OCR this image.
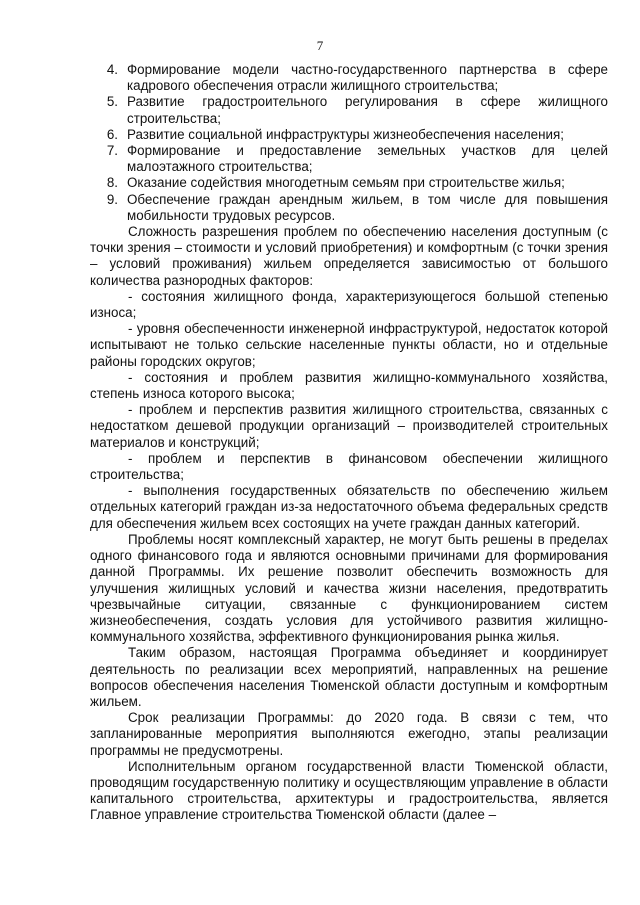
7
4. Формирование модели частно-государственного партнерства в сфере кадрового обеспечения отрасли жилищного строительства;
5. Развитие градостроительного регулирования в сфере жилищного строительства;
6. Развитие социальной инфраструктуры жизнеобеспечения населения;
7. Формирование и предоставление земельных участков для целей малоэтажного строительства;
8. Оказание содействия многодетным семьям при строительстве жилья;
9. Обеспечение граждан арендным жильем, в том числе для повышения мобильности трудовых ресурсов.

Сложность разрешения проблем по обеспечению населения доступным (с точки зрения – стоимости и условий приобретения) и комфортным (с точки зрения – условий проживания) жильем определяется зависимостью от большого количества разнородных факторов:

- состояния жилищного фонда, характеризующегося большой степенью износа;

- уровня обеспеченности инженерной инфраструктурой, недостаток которой испытывают не только сельские населенные пункты области, но и отдельные районы городских округов;

- состояния и проблем развития жилищно-коммунального хозяйства, степень износа которого высока;

- проблем и перспектив развития жилищного строительства, связанных с недостатком дешевой продукции организаций – производителей строительных материалов и конструкций;

- проблем и перспектив в финансовом обеспечении жилищного строительства;

- выполнения государственных обязательств по обеспечению жильем отдельных категорий граждан из-за недостаточного объема федеральных средств для обеспечения жильем всех состоящих на учете граждан данных категорий.

Проблемы носят комплексный характер, не могут быть решены в пределах одного финансового года и являются основными причинами для формирования данной Программы. Их решение позволит обеспечить возможность для улучшения жилищных условий и качества жизни населения, предотвратить чрезвычайные ситуации, связанные с функционированием систем жизнеобеспечения, создать условия для устойчивого развития жилищно-коммунального хозяйства, эффективного функционирования рынка жилья.

Таким образом, настоящая Программа объединяет и координирует деятельность по реализации всех мероприятий, направленных на решение вопросов обеспечения населения Тюменской области доступным и комфортным жильем.

Срок реализации Программы: до 2020 года. В связи с тем, что запланированные мероприятия выполняются ежегодно, этапы реализации программы не предусмотрены.

Исполнительным органом государственной власти Тюменской области, проводящим государственную политику и осуществляющим управление в области капитального строительства, архитектуры и градостроительства, является Главное управление строительства Тюменской области (далее –
